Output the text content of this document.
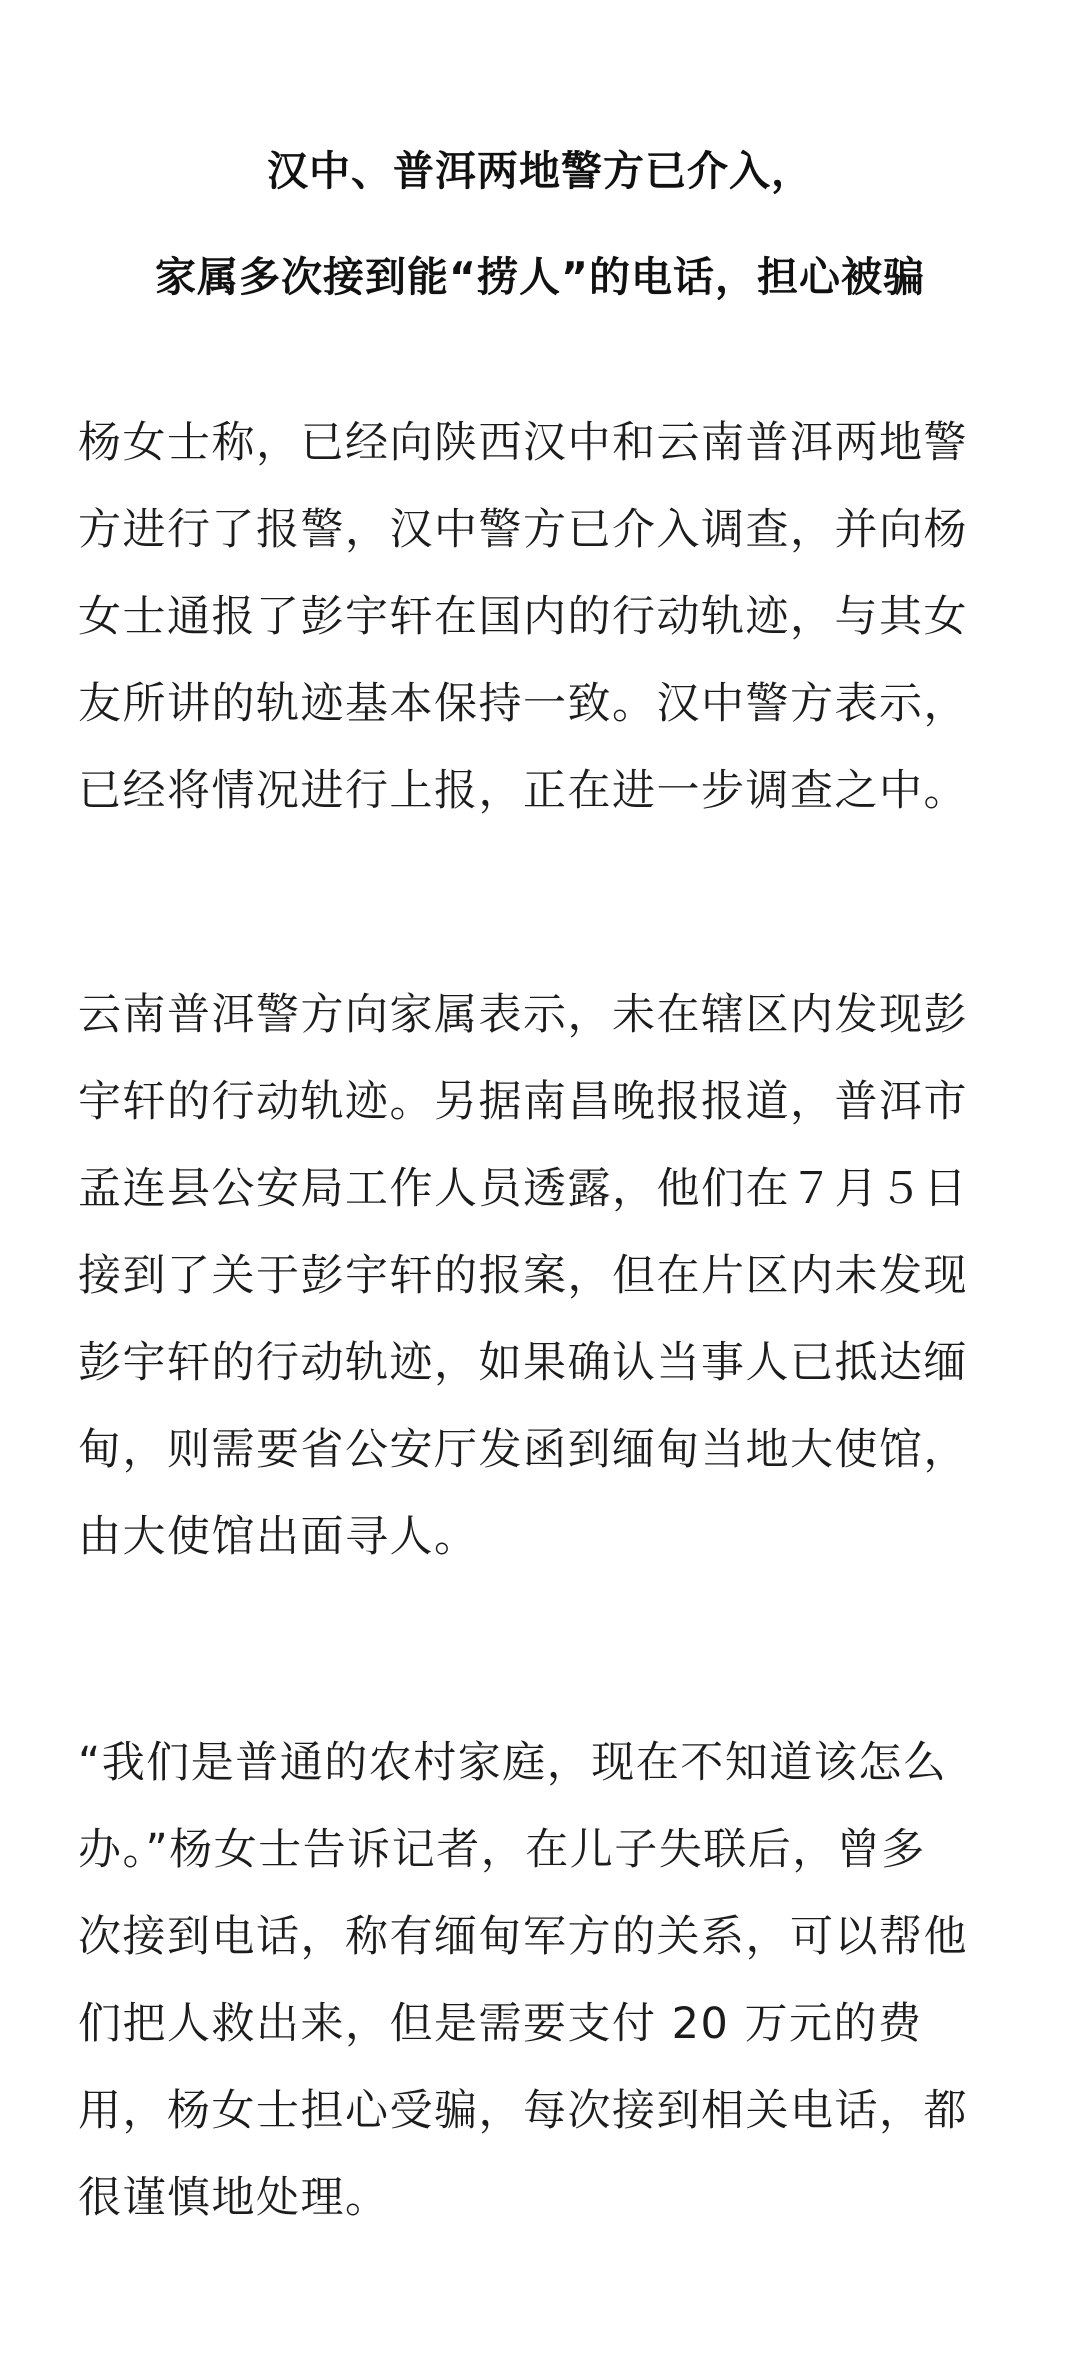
汉中、普洱两地警方已介入，
家属多次接到能“捞人”的电话，担心被骗
杨女士称，已经向陕西汉中和云南普洱两地警
方进行了报警，汉中警方已介入调查，并向杨
女士通报了彭宇轩在国内的行动轨迹，与其女
友所讲的轨迹基本保持一致。汉中警方表示，
已经将情况进行上报，正在进一步调查之中。
云南普洱警方向家属表示，未在辖区内发现彭
宇轩的行动轨迹。另据南昌晚报报道，普洱市
孟连县公安局工作人员透露，他们在７月５日
接到了关于彭宇轩的报案，但在片区内未发现
彭宇轩的行动轨迹，如果确认当事人已抵达缅
甸，则需要省公安厅发函到缅甸当地大使馆，
由大使馆出面寻人。
“我们是普通的农村家庭，现在不知道该怎么
办。”杨女士告诉记者，在儿子失联后，曾多
次接到电话，称有缅甸军方的关系，可以帮他
们把人救出来，但是需要支付 20 万元的费
用，杨女士担心受骗，每次接到相关电话，都
很谨慎地处理。
